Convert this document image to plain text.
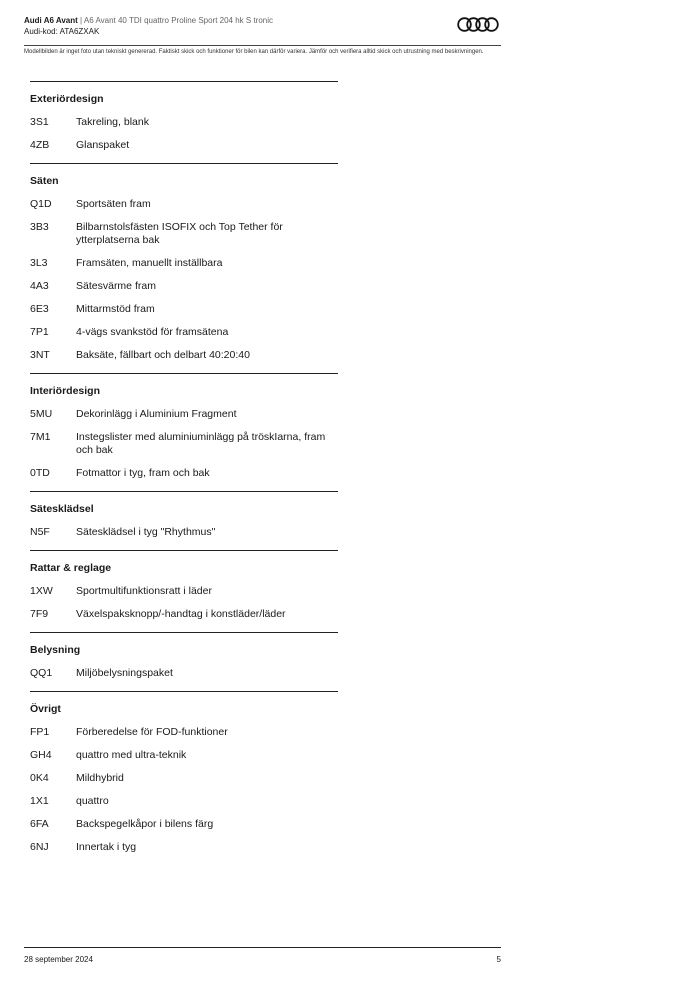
Audi A6 Avant | A6 Avant 40 TDI quattro Proline Sport 204 hk S tronic
Audi-kod: ATA6ZXAK
Modellbilden är inget foto utan tekniskt genererad. Faktiskt skick och funktioner för bilen kan därför variera. Jämför och verifiera alltid skick och utrustning med beskrivningen.
Exteriördesign
3S1	Takreling, blank
4ZB	Glanspaket
Säten
Q1D	Sportsäten fram
3B3	Bilbarnstolsfästen ISOFIX och Top Tether för ytterplatserna bak
3L3	Framsäten, manuellt inställbara
4A3	Sätesvärme fram
6E3	Mittarmstöd fram
7P1	4-vägs svankstöd för framsätena
3NT	Baksäte, fällbart och delbart 40:20:40
Interiördesign
5MU	Dekorinlägg i Aluminium Fragment
7M1	Instegslister med aluminiuminlägg på tröskIarna, fram och bak
0TD	Fotmattor i tyg, fram och bak
Sätesklädsel
N5F	Sätesklädsel i tyg "Rhythmus"
Rattar & reglage
1XW	Sportmultifunktionsratt i läder
7F9	Växelspaksknopp/-handtag i konstläder/läder
Belysning
QQ1	Miljöbelysningspaket
Övrigt
FP1	Förberedelse för FOD-funktioner
GH4	quattro med ultra-teknik
0K4	Mildhybrid
1X1	quattro
6FA	Backspegelkåpor i bilens färg
6NJ	Innertak i tyg
28 september 2024	5
